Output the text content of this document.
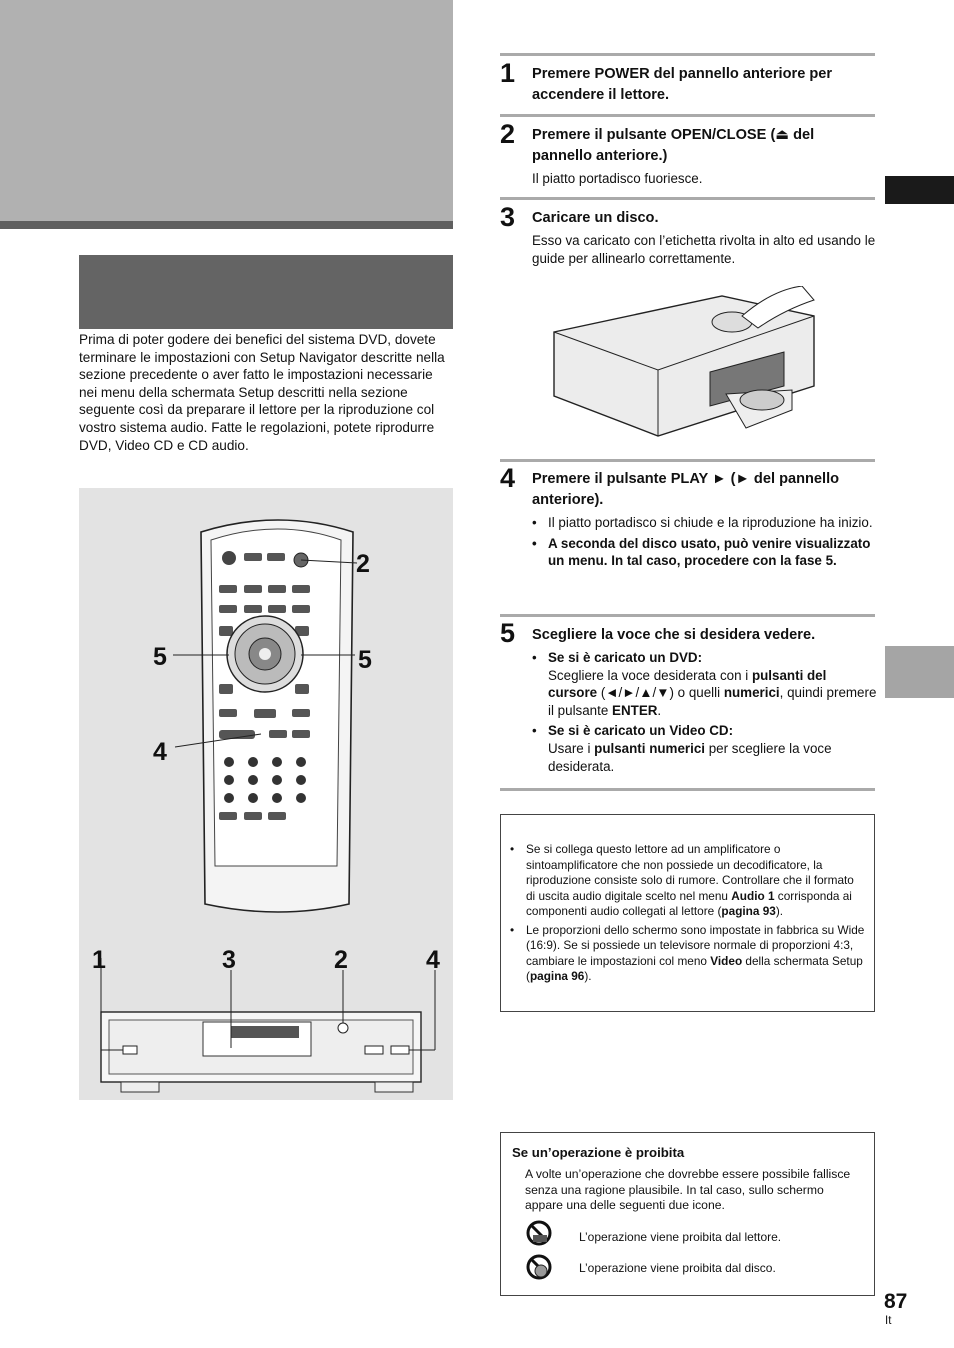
Prima di poter godere dei benefici del sistema DVD, dovete terminare le impostazioni con Setup Navigator descritte nella sezione precedente o aver fatto le impostazioni necessarie nei menu della schermata Setup descritti nella sezione seguente così da preparare il lettore per la riproduzione col vostro sistema audio. Fatte le regolazioni, potete riprodurre DVD, Video CD e CD audio.
2
5	5
4
1	3	2	4
1 Premere POWER del pannello anteriore per accendere il lettore.
2 Premere il pulsante OPEN/CLOSE (⏏ del pannello anteriore.)
Il piatto portadisco fuoriesce.
3 Caricare un disco.
Esso va caricato con l’etichetta rivolta in alto ed usando le guide per allinearlo correttamente.
4 Premere il pulsante PLAY ► (► del pannello anteriore).
• Il piatto portadisco si chiude e la riproduzione ha inizio.
• A seconda del disco usato, può venire visualizzato un menu. In tal caso, procedere con la fase 5.
5 Scegliere la voce che si desidera vedere.
• Se si è caricato un DVD:
Scegliere la voce desiderata con i pulsanti del cursore (◄/►/▲/▼) o quelli numerici, quindi premere il pulsante ENTER.
• Se si è caricato un Video CD:
Usare i pulsanti numerici per scegliere la voce desiderata.
• Se si collega questo lettore ad un amplificatore o sintoamplificatore che non possiede un decodificatore, la riproduzione consiste solo di rumore. Controllare che il formato di uscita audio digitale scelto nel menu Audio 1 corrisponda ai componenti audio collegati al lettore (pagina 93).
• Le proporzioni dello schermo sono impostate in fabbrica su Wide (16:9). Se si possiede un televisore normale di proporzioni 4:3, cambiare le impostazioni col meno Video della schermata Setup (pagina 96).
Se un’operazione è proibita
A volte un’operazione che dovrebbe essere possibile fallisce senza una ragione plausibile. In tal caso, sullo schermo appare una delle seguenti due icone.
L’operazione viene proibita dal lettore.
L’operazione viene proibita dal disco.
87
It
